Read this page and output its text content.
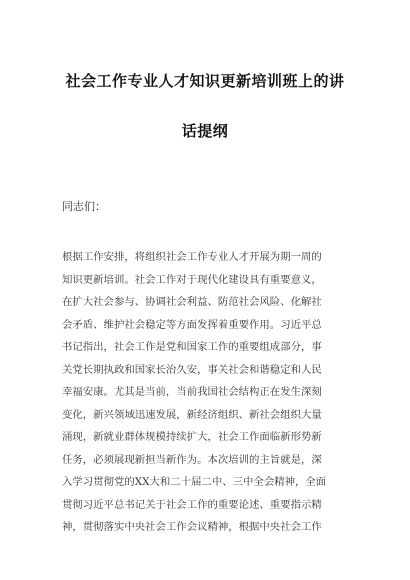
社会工作专业人才知识更新培训班上的讲
话提纲
同志们：
根据工作安排，将组织社会工作专业人才开展为期一周的
知识更新培训。社会工作对于现代化建设具有重要意义，
在扩大社会参与、协调社会利益、防范社会风险、化解社
会矛盾、维护社会稳定等方面发挥着重要作用。习近平总
书记指出，社会工作是党和国家工作的重要组成部分，事
关党长期执政和国家长治久安，事关社会和谐稳定和人民
幸福安康。尤其是当前，当前我国社会结构正在发生深刻
变化，新兴领域迅速发展，新经济组织、新社会组织大量
涌现，新就业群体规模持续扩大，社会工作面临新形势新
任务，必须展现新担当新作为。本次培训的主旨就是，深
入学习贯彻党的XX大和二十届二中、三中全会精神，全面
贯彻习近平总书记关于社会工作的重要论述、重要指示精
神，贯彻落实中央社会工作会议精神，根据中央社会工作
